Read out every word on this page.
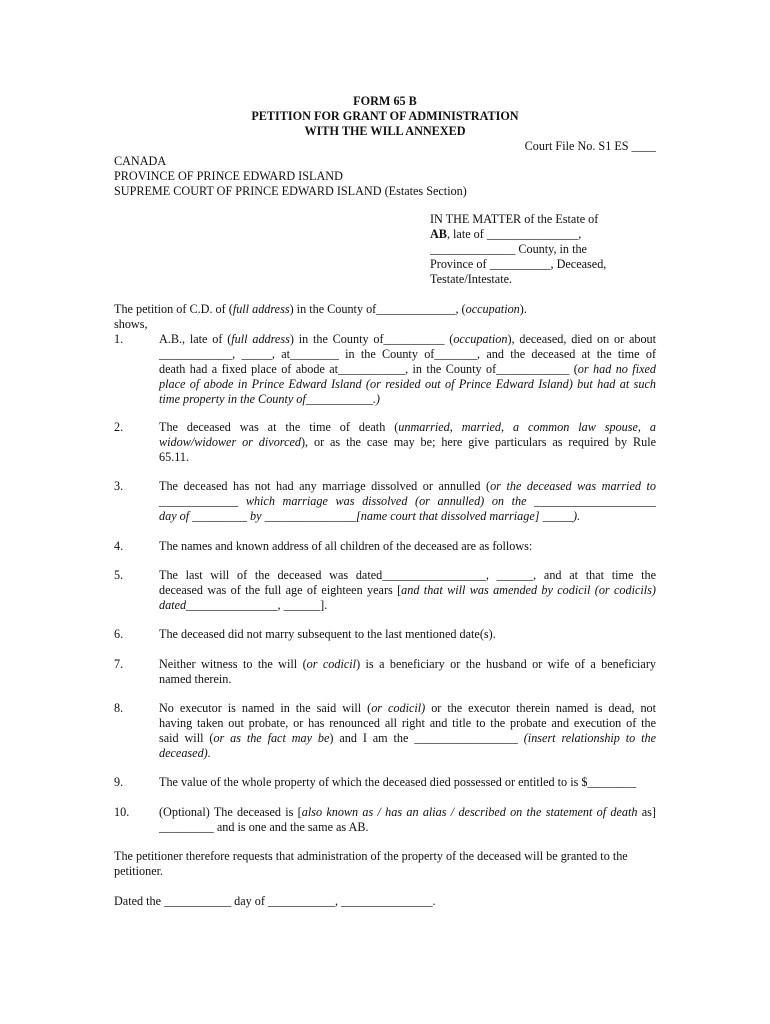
FORM 65 B
PETITION FOR GRANT OF ADMINISTRATION
WITH THE WILL ANNEXED
Court File No. S1 ES ____
CANADA
PROVINCE OF PRINCE EDWARD ISLAND
SUPREME COURT OF PRINCE EDWARD ISLAND (Estates Section)
IN THE MATTER of the Estate of
AB, late of _______________,
______________ County, in the
Province of __________, Deceased,
Testate/Intestate.
The petition of C.D. of (full address) in the County of_____________, (occupation).
shows,
1.	A.B., late of (full address) in the County of__________ (occupation), deceased, died on or about
____________, _____, at________ in the County of_______, and the deceased at the time of
death had a fixed place of abode at___________, in the County of____________ (or had no fixed
place of abode in Prince Edward Island (or resided out of Prince Edward Island) but had at such
time property in the County of___________.)
2.	The deceased was at the time of death (unmarried, married, a common law spouse, a
widow/widower or divorced), or as the case may be; here give particulars as required by Rule
65.11.
3.	The deceased has not had any marriage dissolved or annulled (or the deceased was married to
_____________ which marriage was dissolved (or annulled) on the ____________________
day of _________ by _______________[name court that dissolved marriage] _____).
4.	The names and known address of all children of the deceased are as follows:
5.	The last will of the deceased was dated_________________, ______, and at that time the
deceased was of the full age of eighteen years [and that will was amended by codicil (or codicils)
dated_______________, ______].
6.	The deceased did not marry subsequent to the last mentioned date(s).
7.	Neither witness to the will (or codicil) is a beneficiary or the husband or wife of a beneficiary
named therein.
8.	No executor is named in the said will (or codicil) or the executor therein named is dead, not
having taken out probate, or has renounced all right and title to the probate and execution of the
said will (or as the fact may be) and I am the _________________ (insert relationship to the
deceased).
9.	The value of the whole property of which the deceased died possessed or entitled to is $________
10. (Optional) The deceased is [also known as / has an alias / described on the statement of death as]
_________ and is one and the same as AB.
The petitioner therefore requests that administration of the property of the deceased will be granted to the
petitioner.
Dated the ___________ day of ___________, _______________.
